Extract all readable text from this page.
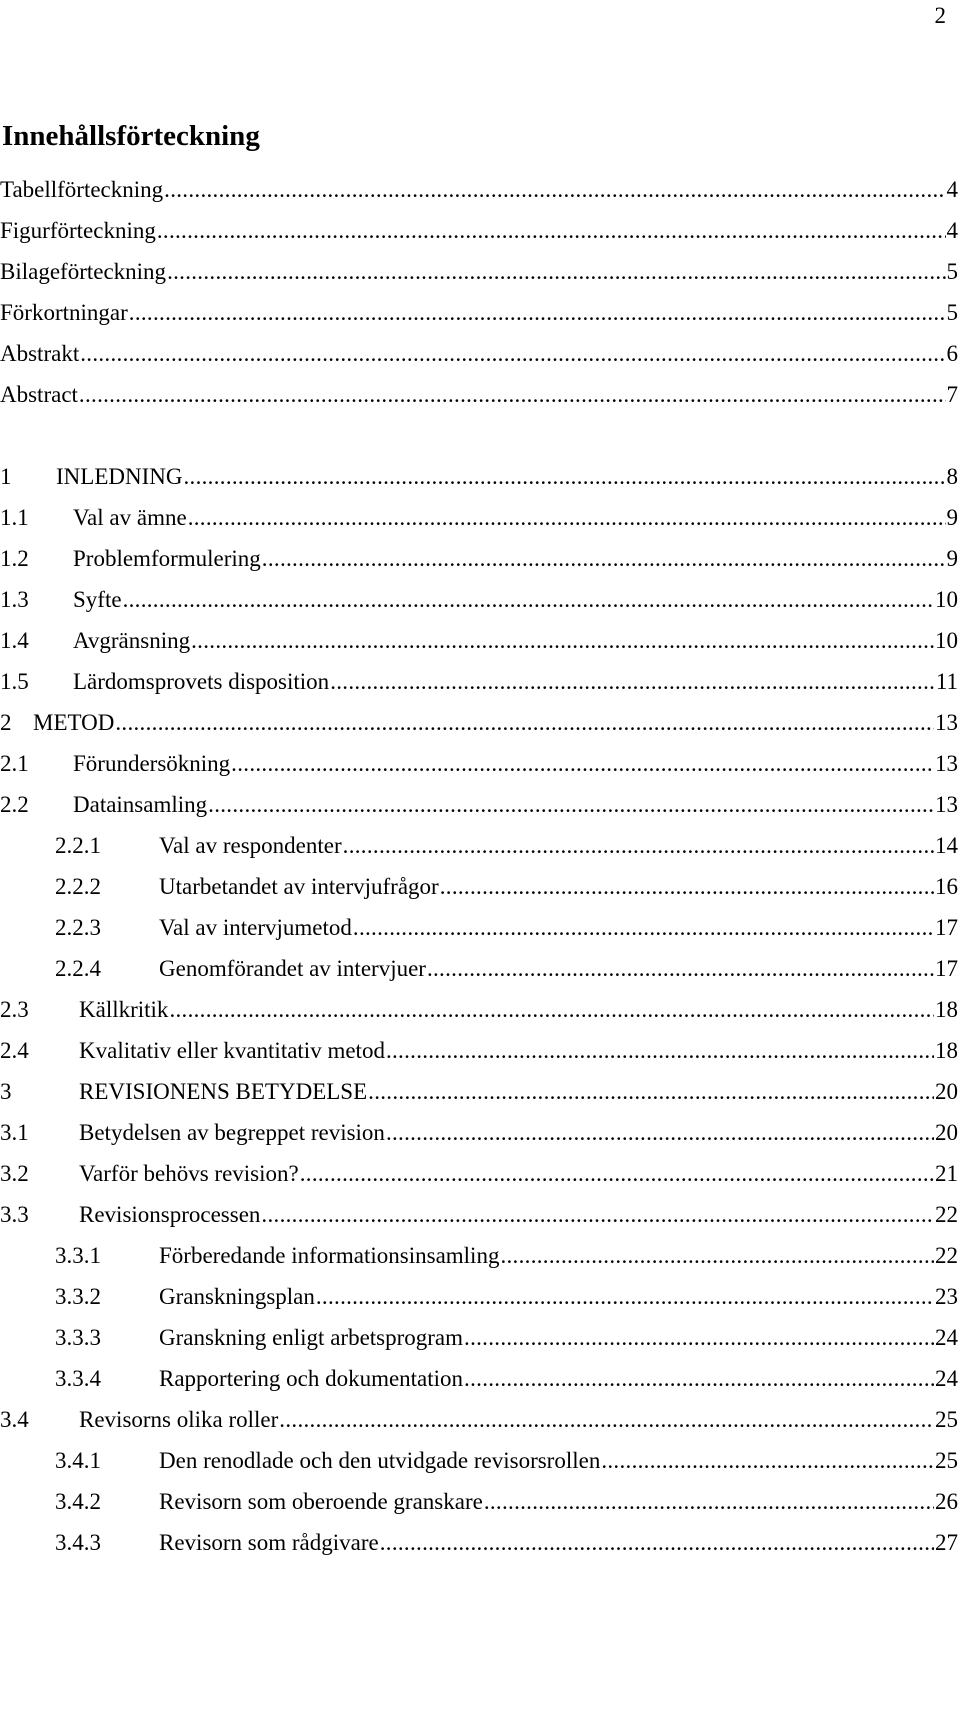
2
Innehållsförteckning
Tabellförteckning .....	4
Figurförteckning .....	4
Bilageförteckning .....	5
Förkortningar .....	5
Abstrakt .....	6
Abstract .....	7
1	INLEDNING .....	8
1.1	Val av ämne .....	9
1.2	Problemformulering .....	9
1.3	Syfte .....	10
1.4	Avgränsning .....	10
1.5	Lärdomsprovets disposition .....	11
2 METOD .....	13
2.1	Förundersökning .....	13
2.2	Datainsamling .....	13
2.2.1	Val av respondenter .....	14
2.2.2	Utarbetandet av intervjufrågor .....	16
2.2.3	Val av intervjumetod .....	17
2.2.4	Genomförandet av intervjuer .....	17
2.3	Källkritik .....	18
2.4	Kvalitativ eller kvantitativ metod .....	18
3	REVISIONENS BETYDELSE .....	20
3.1	Betydelsen av begreppet revision .....	20
3.2	Varför behövs revision? .....	21
3.3	Revisionsprocessen .....	22
3.3.1	Förberedande informationsinsamling .....	22
3.3.2	Granskningsplan .....	23
3.3.3	Granskning enligt arbetsprogram .....	24
3.3.4	Rapportering och dokumentation .....	24
3.4	Revisorns olika roller .....	25
3.4.1	Den renodlade och den utvidgade revisorsrollen .....	25
3.4.2	Revisorn som oberoende granskare .....	26
3.4.3	Revisorn som rådgivare .....	27
